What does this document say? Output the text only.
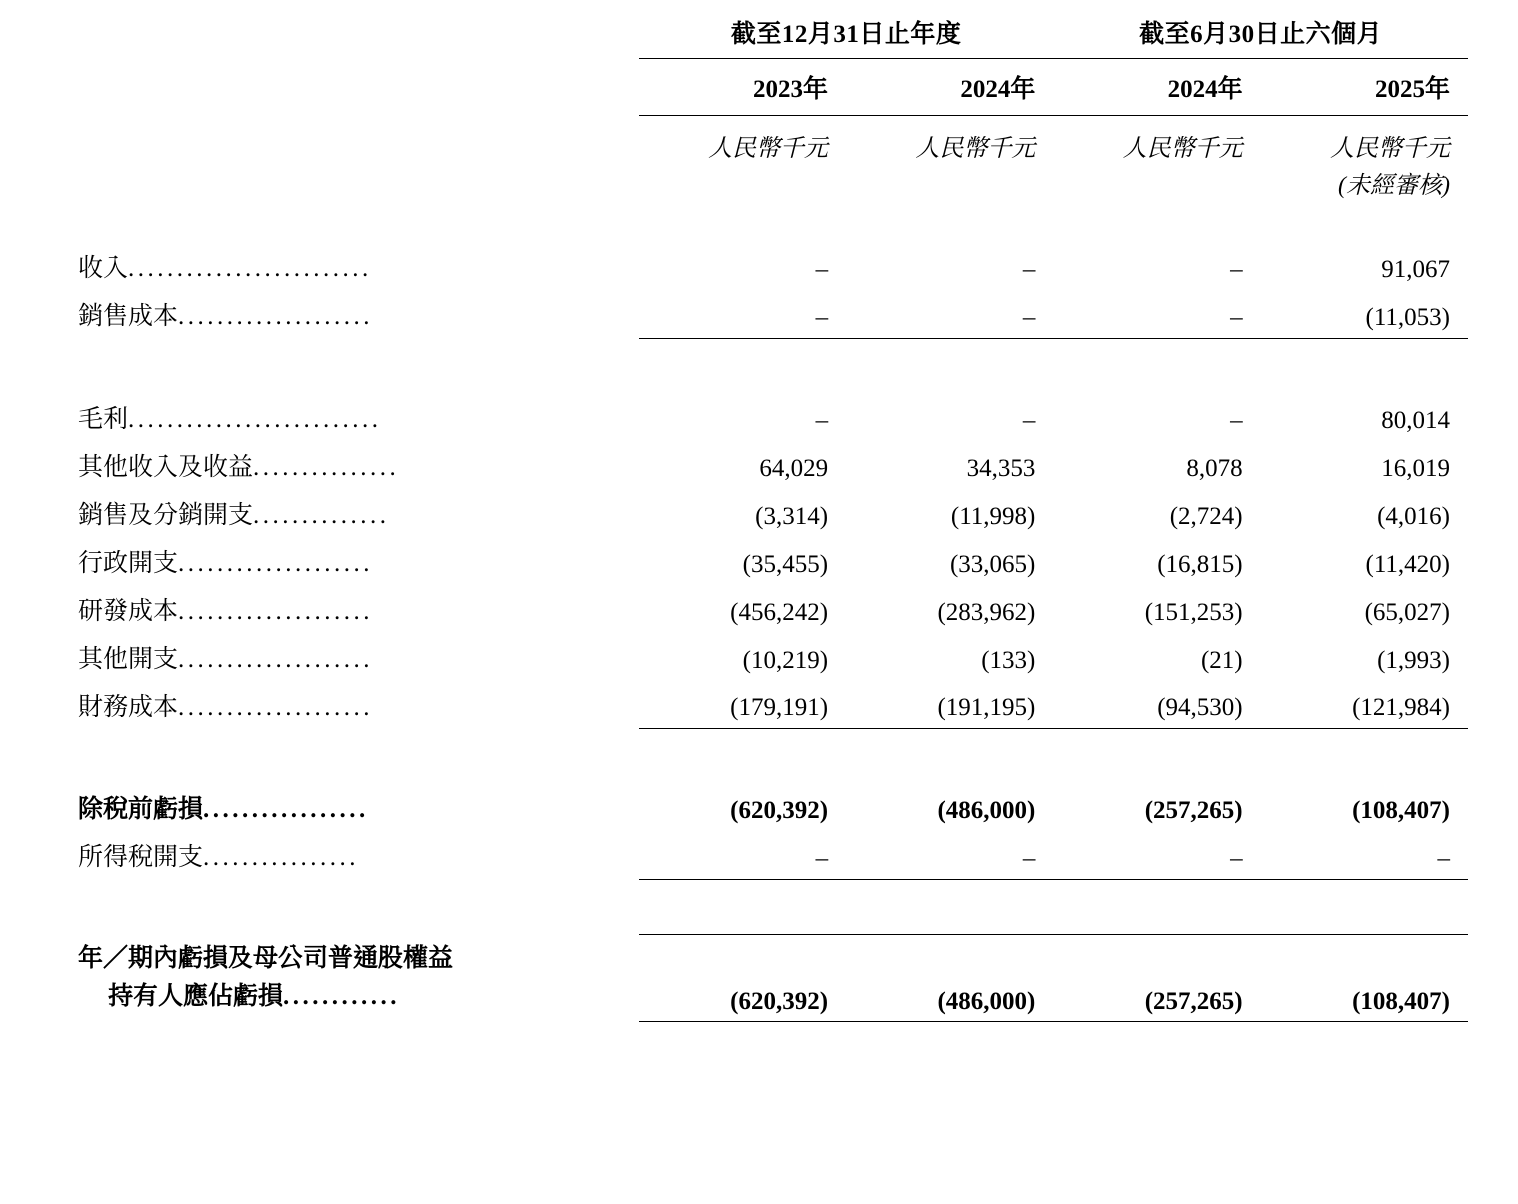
	截至12月31日止年度		截至6月30日止六個月	
	2023年	2024年	2024年	2025年
	人民幣千元	人民幣千元	人民幣千元	人民幣千元
				(未經審核)

收入.........................	–	–	–	91,067
銷售成本....................	–	–	–	(11,053)

毛利..........................	–	–	–	80,014
其他收入及收益...............	64,029	34,353	8,078	16,019
銷售及分銷開支..............	(3,314)	(11,998)	(2,724)	(4,016)
行政開支....................	(35,455)	(33,065)	(16,815)	(11,420)
研發成本....................	(456,242)	(283,962)	(151,253)	(65,027)
其他開支....................	(10,219)	(133)	(21)	(1,993)
財務成本....................	(179,191)	(191,195)	(94,530)	(121,984)

除稅前虧損.................	(620,392)	(486,000)	(257,265)	(108,407)
所得稅開支................	–	–	–	–

年／期內虧損及母公司普通股權益
持有人應佔虧損............	(620,392)	(486,000)	(257,265)	(108,407)
